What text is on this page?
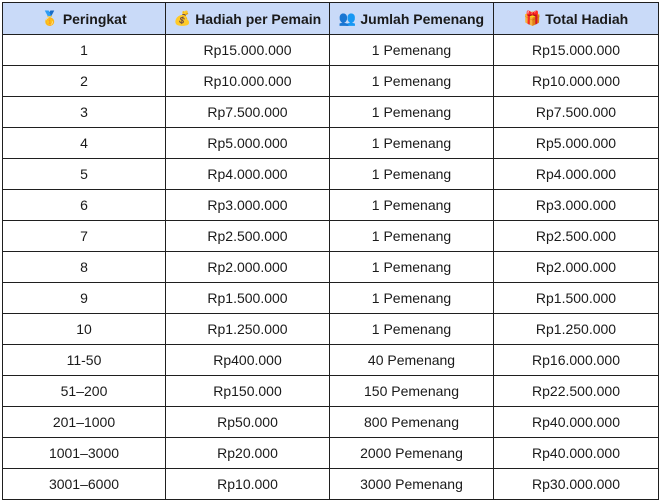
🥇 Peringkat	💰 Hadiah per Pemain	👥 Jumlah Pemenang	🎁 Total Hadiah

1	Rp15.000.000	1 Pemenang	Rp15.000.000
2	Rp10.000.000	1 Pemenang	Rp10.000.000
3	Rp7.500.000	1 Pemenang	Rp7.500.000
4	Rp5.000.000	1 Pemenang	Rp5.000.000
5	Rp4.000.000	1 Pemenang	Rp4.000.000
6	Rp3.000.000	1 Pemenang	Rp3.000.000
7	Rp2.500.000	1 Pemenang	Rp2.500.000
8	Rp2.000.000	1 Pemenang	Rp2.000.000
9	Rp1.500.000	1 Pemenang	Rp1.500.000
10	Rp1.250.000	1 Pemenang	Rp1.250.000
11-50	Rp400.000	40 Pemenang	Rp16.000.000
51–200	Rp150.000	150 Pemenang	Rp22.500.000
201–1000	Rp50.000	800 Pemenang	Rp40.000.000
1001–3000	Rp20.000	2000 Pemenang	Rp40.000.000
3001–6000	Rp10.000	3000 Pemenang	Rp30.000.000
